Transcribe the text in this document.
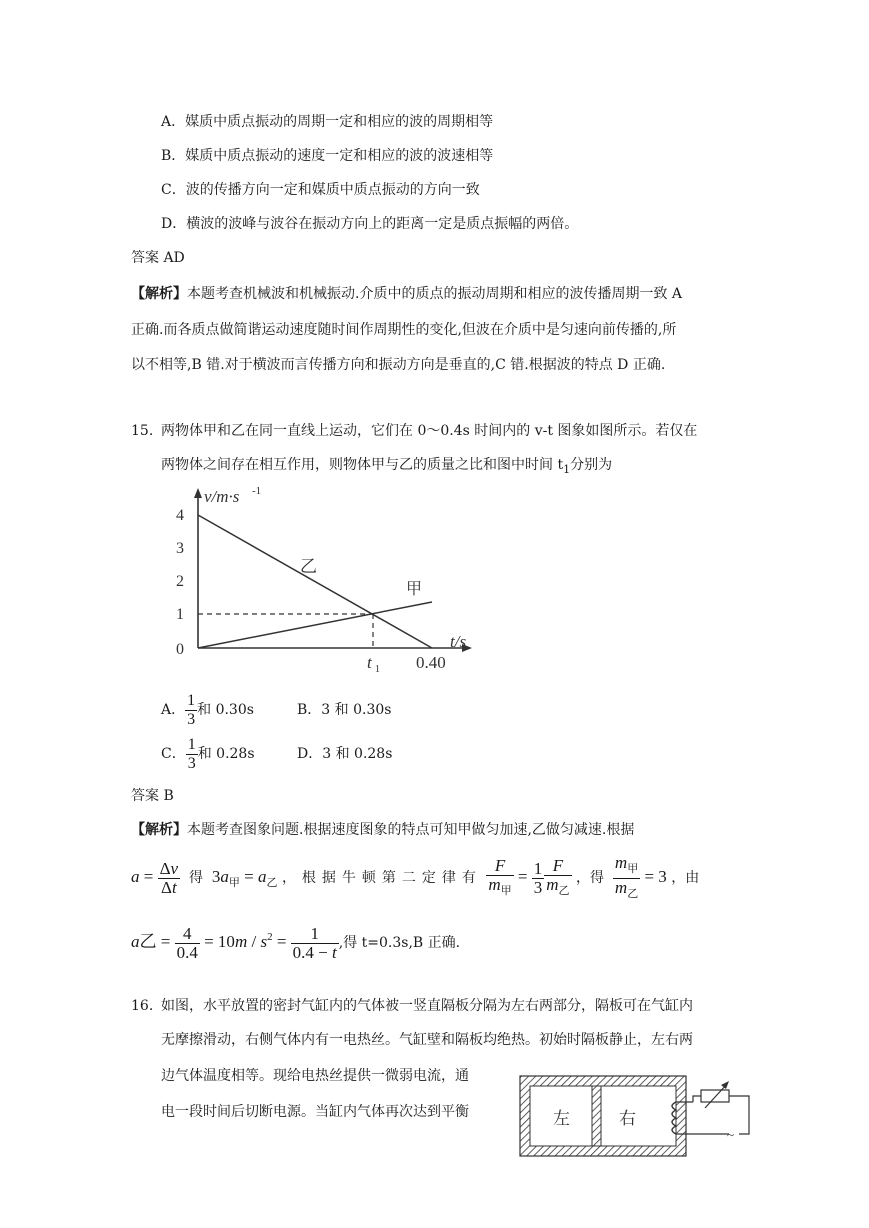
A．媒质中质点振动的周期一定和相应的波的周期相等
B．媒质中质点振动的速度一定和相应的波的波速相等
C．波的传播方向一定和媒质中质点振动的方向一致
D．横波的波峰与波谷在振动方向上的距离一定是质点振幅的两倍。
答案 AD
【解析】本题考查机械波和机械振动.介质中的质点的振动周期和相应的波传播周期一致 A
正确.而各质点做简谐运动速度随时间作周期性的变化,但波在介质中是匀速向前传播的,所
以不相等,B 错.对于横波而言传播方向和振动方向是垂直的,C 错.根据波的特点 D 正确.
15. 两物体甲和乙在同一直线上运动，它们在 0～0.4s 时间内的 v-t 图象如图所示。若仅在
两物体之间存在相互作用，则物体甲与乙的质量之比和图中时间 $t_1$分别为
v/m·s -1
t/s
4
3
2
1
0
乙
甲
t 1 0.40
A． $\frac{1}{3}$ 和 0.30s	B．3 和 0.30s
C． $\frac{1}{3}$ 和 0.28s	D．3 和 0.28s
答案 B
【解析】本题考查图象问题.根据速度图象的特点可知甲做匀加速,乙做匀减速.根据
$a = \frac{\Delta v}{\Delta t}$ 得 $3a_甲 = a_乙$ ，根据牛顿第二定律有 $\frac{F}{m_甲} = \frac{1}{3} \frac{F}{m_乙}$ ，得 $\frac{m_甲}{m_乙} = 3$ ，由
a乙 = $\frac{4}{0.4} = 10m / s^2 = \frac{1}{0.4 - t}$ ,得 t=0.3s,B 正确.
16. 如图，水平放置的密封气缸内的气体被一竖直隔板分隔为左右两部分，隔板可在气缸内
无摩擦滑动，右侧气体内有一电热丝。气缸壁和隔板均绝热。初始时隔板静止，左右两
边气体温度相等。现给电热丝提供一微弱电流，通
电一段时间后切断电源。当缸内气体再次达到平衡	左	右
~
